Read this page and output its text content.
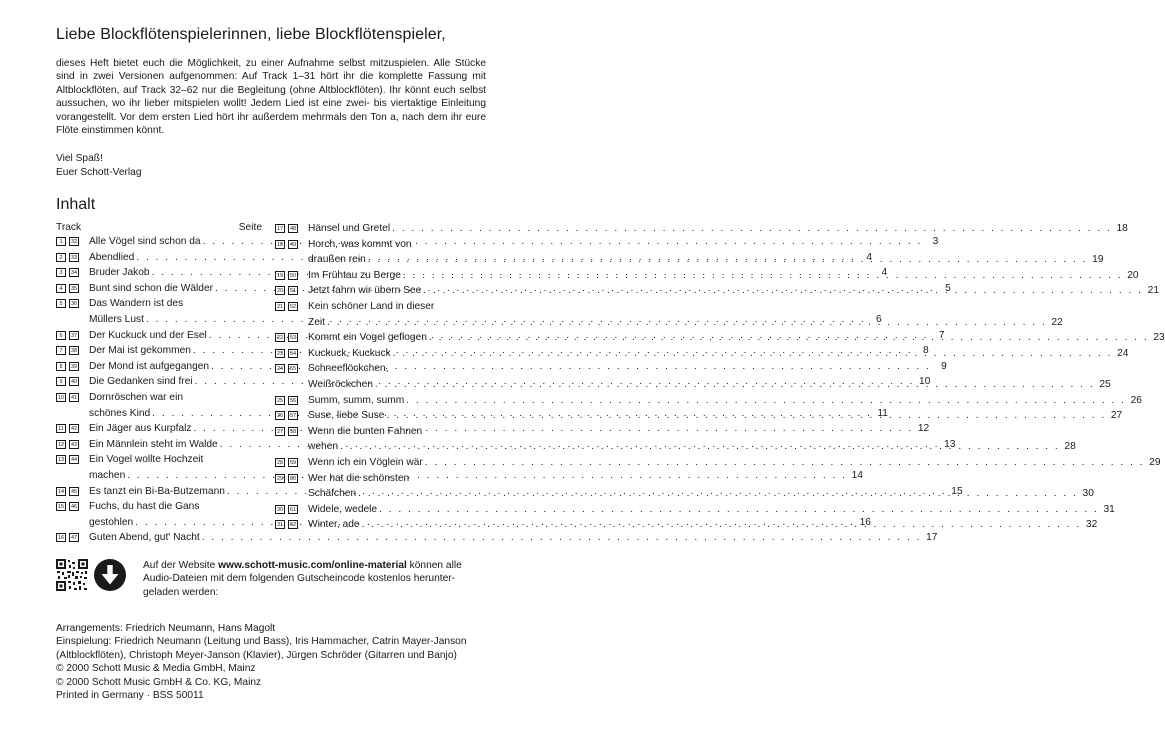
Liebe Blockflötenspielerinnen, liebe Blockflötenspieler,

dieses Heft bietet euch die Möglichkeit, zu einer Aufnahme selbst mitzuspielen. Alle Stücke sind in zwei Versionen aufgenommen: Auf Track 1–31 hört ihr die komplette Fassung mit Altblockflöten, auf Track 32–62 nur die Begleitung (ohne Altblockflöten). Ihr könnt euch selbst aussuchen, wo ihr lieber mitspielen wollt! Jedem Lied ist eine zwei- bis viertaktige Einleitung vorangestellt. Vor dem ersten Lied hört ihr außerdem mehrmals den Ton a, nach dem ihr eure Flöte einstimmen könnt.

Viel Spaß!
Euer Schott-Verlag
Inhalt
Track	Seite
1	32 Alle Vögel sind schon da . . .	3
2	33 Abendlied . . .	4
3	34 Bruder Jakob . . .	4
4	35 Bunt sind schon die Wälder . . .	5
5	36 Das Wandern ist des
Müllers Lust . . .	6
6	37 Der Kuckuck und der Esel . . .	7
7	38 Der Mai ist gekommen . . .	8
8	39 Der Mond ist aufgegangen . . .	9
9	40 Die Gedanken sind frei . . .	10
10	41 Dornröschen war ein
schönes Kind . . .	11
11	42 Ein Jäger aus Kurpfalz . . .	12
12	43 Ein Männlein steht im Walde . . .	13
13	44 Ein Vogel wollte Hochzeit
machen . . .	14
14	45 Es tanzt ein Bi-Ba-Butzemann . . .	15
15	46 Fuchs, du hast die Gans
gestohlen . . .	16
16	47 Guten Abend, gut' Nacht . . .	17
17	48 Hänsel und Gretel . . .	18
18	49 Horch, was kommt von
draußen rein . . .	19
19	50 Im Frühtau zu Berge . . .	20
20	51 Jetzt fahrn wir übern See . . .	21
21	52 Kein schöner Land in dieser
Zeit . . .	22
22	53 Kommt ein Vogel geflogen . . .	23
23	54 Kuckuck, Kuckuck . . .	24
24	55 Schneeflöckchen,
Weißröckchen . . .	25
25	56 Summ, summ, summ . . .	26
26	57 Suse, liebe Suse . . .	27
27	58 Wenn die bunten Fahnen
wehen . . .	28
28	59 Wenn ich ein Vöglein wär . . .	29
29	60 Wer hat die schönsten
Schäfchen . . .	30
30	61 Widele, wedele . . .	31
31	62 Winter, ade . . .	32

Auf der Website www.schott-music.com/online-material können alle Audio-Dateien mit dem folgenden Gutscheincode kostenlos heruntergeladen werden:

Arrangements: Friedrich Neumann, Hans Magolt

Einspielung: Friedrich Neumann (Leitung und Bass), Iris Hammacher, Catrin Mayer-Janson (Altblockflöten), Christoph Meyer-Janson (Klavier), Jürgen Schröder (Gitarren und Banjo)

© 2000 Schott Music & Media GmbH, Mainz

© 2000 Schott Music GmbH & Co. KG, Mainz

Printed in Germany · BSS 50011
